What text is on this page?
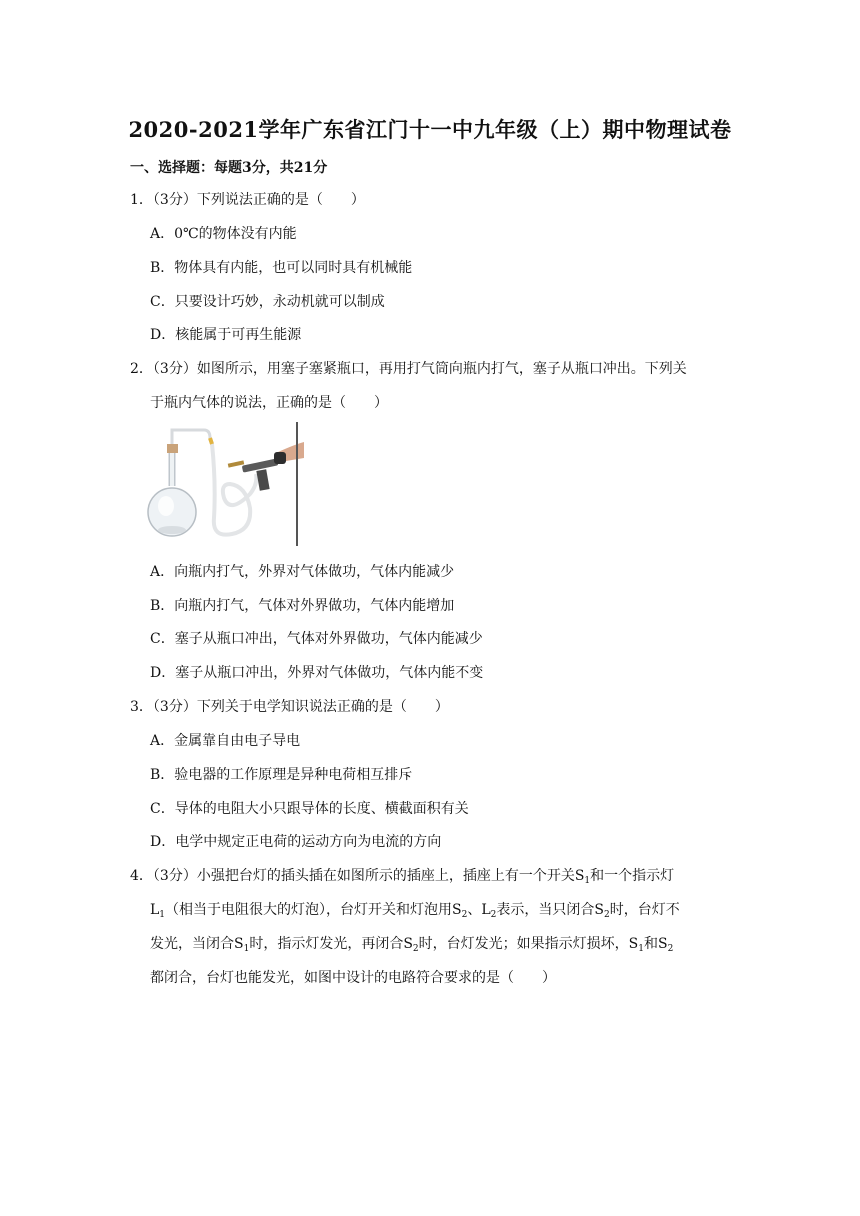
2020-2021学年广东省江门十一中九年级（上）期中物理试卷
一、选择题：每题3分，共21分
1．（3分）下列说法正确的是（　　）
A．0℃的物体没有内能
B．物体具有内能，也可以同时具有机械能
C．只要设计巧妙，永动机就可以制成
D．核能属于可再生能源
2．（3分）如图所示，用塞子塞紧瓶口，再用打气筒向瓶内打气，塞子从瓶口冲出。下列关
于瓶内气体的说法，正确的是（　　）
A．向瓶内打气，外界对气体做功，气体内能减少
B．向瓶内打气，气体对外界做功，气体内能增加
C．塞子从瓶口冲出，气体对外界做功，气体内能减少
D．塞子从瓶口冲出，外界对气体做功，气体内能不变
3．（3分）下列关于电学知识说法正确的是（　　）
A．金属靠自由电子导电
B．验电器的工作原理是异种电荷相互排斥
C．导体的电阻大小只跟导体的长度、横截面积有关
D．电学中规定正电荷的运动方向为电流的方向
4．（3分）小强把台灯的插头插在如图所示的插座上，插座上有一个开关$S_1$和一个指示灯
$L_1$（相当于电阻很大的灯泡），台灯开关和灯泡用$S_2$、$L_2$表示，当只闭合$S_2$时，台灯不
发光，当闭合$S_1$时，指示灯发光，再闭合$S_2$时，台灯发光；如果指示灯损坏，$S_1$和$S_2$
都闭合，台灯也能发光，如图中设计的电路符合要求的是（　　）
